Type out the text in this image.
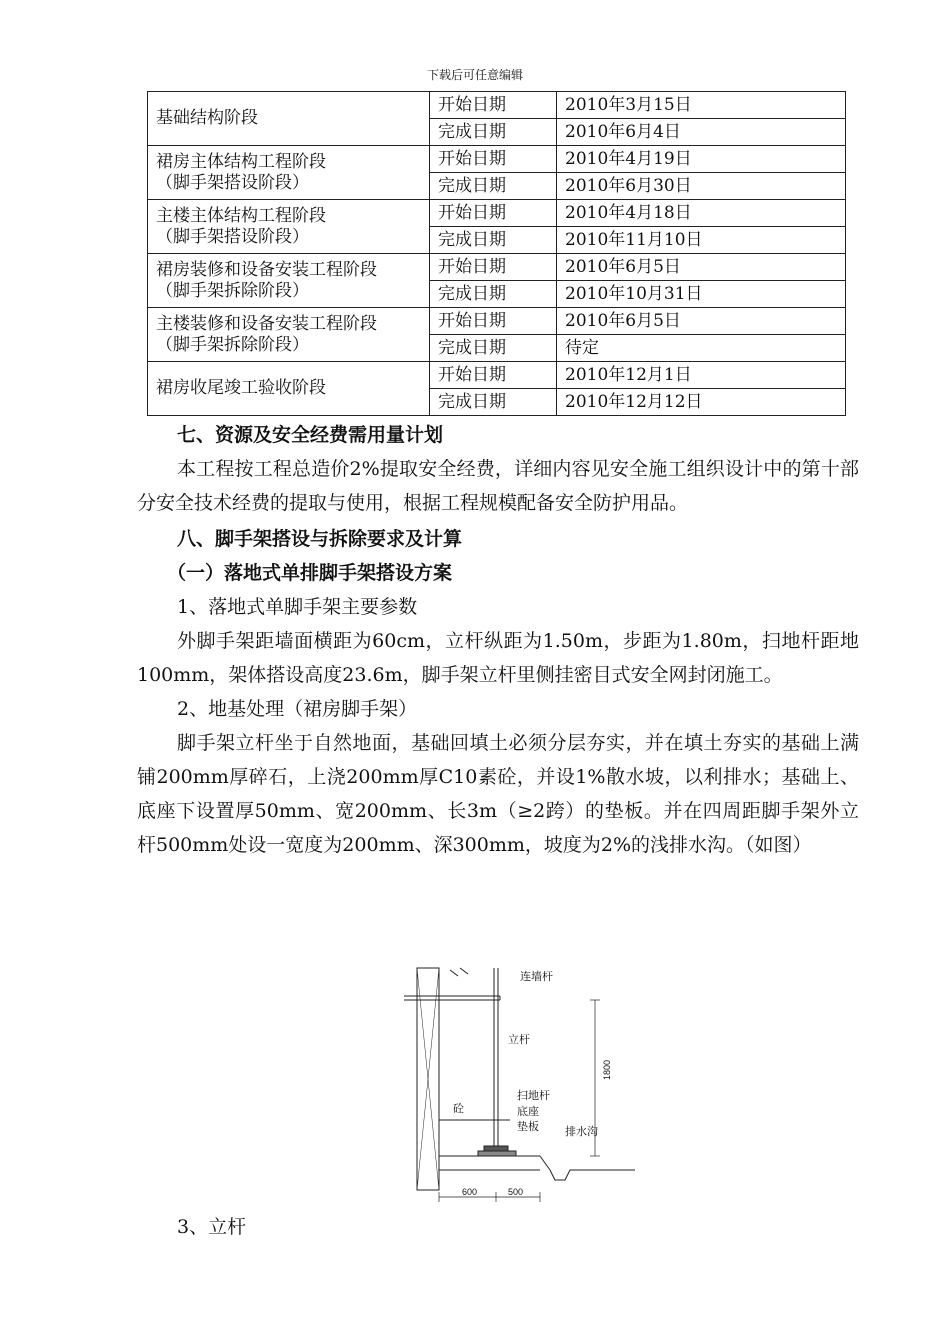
下载后可任意编辑
基础结构阶段	开始日期	2010年3月15日
	完成日期	2010年6月4日

裙房主体结构工程阶段
（脚手架搭设阶段）	开始日期	2010年4月19日
	完成日期	2010年6月30日

主楼主体结构工程阶段
（脚手架搭设阶段）	开始日期	2010年4月18日
	完成日期	2010年11月10日

裙房装修和设备安装工程阶段
（脚手架拆除阶段）	开始日期	2010年6月5日
	完成日期	2010年10月31日

主楼装修和设备安装工程阶段
（脚手架拆除阶段）	开始日期	2010年6月5日
	完成日期	待定

裙房收尾竣工验收阶段	开始日期	2010年12月1日
	完成日期	2010年12月12日

七、资源及安全经费需用量计划

本工程按工程总造价2%提取安全经费，详细内容见安全施工组织设计中的第十部分安全技术经费的提取与使用，根据工程规模配备安全防护用品。

八、脚手架搭设与拆除要求及计算

（一）落地式单排脚手架搭设方案

1、落地式单脚手架主要参数

外脚手架距墙面横距为60cm，立杆纵距为1.50m，步距为1.80m，扫地杆距地100mm，架体搭设高度23.6m，脚手架立杆里侧挂密目式安全网封闭施工。

2、地基处理（裙房脚手架）

脚手架立杆坐于自然地面，基础回填土必须分层夯实，并在填土夯实的基础上满铺200mm厚碎石，上浇200mm厚C10素砼，并设1%散水坡，以利排水；基础上、底座下设置厚50mm、宽200mm、长3m（≥2跨）的垫板。并在四周距脚手架外立杆500mm处设一宽度为200mm、深300mm，坡度为2%的浅排水沟。（如图）

连墙杆
立杆
1800
砼
扫地杆
底座
垫板 排水沟
600	500
3、立杆
